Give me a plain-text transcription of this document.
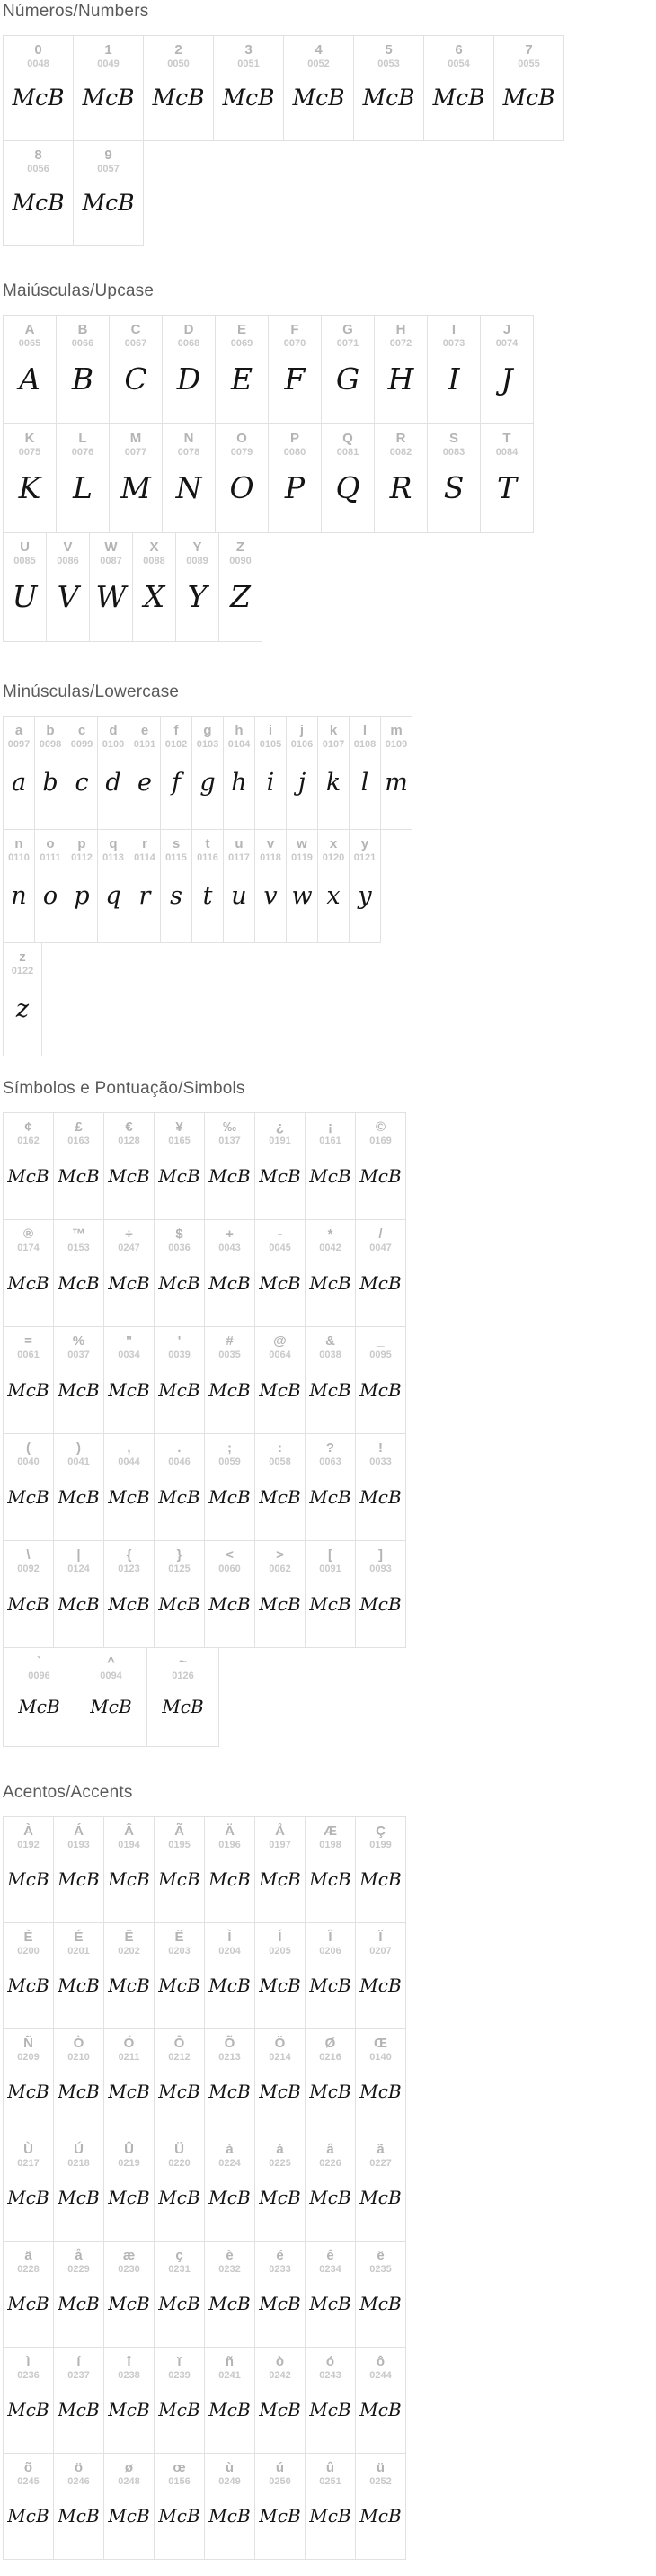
Números/Numbers
0
0048
McB
1
0049
McB
2
0050
McB
3
0051
McB
4
0052
McB
5
0053
McB
6
0054
McB
7
0055
McB
8
0056
McB
9
0057
McB
Maiúsculas/Upcase
A
0065
A
B
0066
B
C
0067
C
D
0068
D
E
0069
E
F
0070
F
G
0071
G
H
0072
H
I
0073
I
J
0074
J
K
0075
K
L
0076
L
M
0077
M
N
0078
N
O
0079
O
P
0080
P
Q
0081
Q
R
0082
R
S
0083
S
T
0084
T
U
0085
U
V
0086
V
W
0087
W
X
0088
X
Y
0089
Y
Z
0090
Z
Minúsculas/Lowercase
a
0097
a
b
0098
b
c
0099
c
d
0100
d
e
0101
e
f
0102
f
g
0103
g
h
0104
h
i
0105
i
j
0106
j
k
0107
k
l
0108
l
m
0109
m
n
0110
n
o
0111
o
p
0112
p
q
0113
q
r
0114
r
s
0115
s
t
0116
t
u
0117
u
v
0118
v
w
0119
w
x
0120
x
y
0121
y
z
0122
z
Símbolos e Pontuação/Simbols
¢
0162
McB
£
0163
McB
€
0128
McB
¥
0165
McB
‰
0137
McB
¿
0191
McB
¡
0161
McB
©
0169
McB
®
0174
McB
™
0153
McB
÷
0247
McB
$
0036
McB
+
0043
McB
-
0045
McB
*
0042
McB
/
0047
McB
=
0061
McB
%
0037
McB
"
0034
McB
'
0039
McB
#
0035
McB
@
0064
McB
&
0038
McB
_
0095
McB
(
0040
McB
)
0041
McB
,
0044
McB
.
0046
McB
;
0059
McB
:
0058
McB
?
0063
McB
!
0033
McB
\
0092
McB
|
0124
McB
{
0123
McB
}
0125
McB
<
0060
McB
>
0062
McB
[
0091
McB
]
0093
McB
`
0096
McB
^
0094
McB
~
0126
McB
Acentos/Accents
À
0192
McB
Á
0193
McB
Â
0194
McB
Ã
0195
McB
Ä
0196
McB
Å
0197
McB
Æ
0198
McB
Ç
0199
McB
È
0200
McB
É
0201
McB
Ê
0202
McB
Ë
0203
McB
Ì
0204
McB
Í
0205
McB
Î
0206
McB
Ï
0207
McB
Ñ
0209
McB
Ò
0210
McB
Ó
0211
McB
Ô
0212
McB
Õ
0213
McB
Ö
0214
McB
Ø
0216
McB
Œ
0140
McB
Ù
0217
McB
Ú
0218
McB
Û
0219
McB
Ü
0220
McB
à
0224
McB
á
0225
McB
â
0226
McB
ã
0227
McB
ä
0228
McB
å
0229
McB
æ
0230
McB
ç
0231
McB
è
0232
McB
é
0233
McB
ê
0234
McB
ë
0235
McB
ì
0236
McB
í
0237
McB
î
0238
McB
ï
0239
McB
ñ
0241
McB
ò
0242
McB
ó
0243
McB
ô
0244
McB
õ
0245
McB
ö
0246
McB
ø
0248
McB
œ
0156
McB
ù
0249
McB
ú
0250
McB
û
0251
McB
ü
0252
McB
